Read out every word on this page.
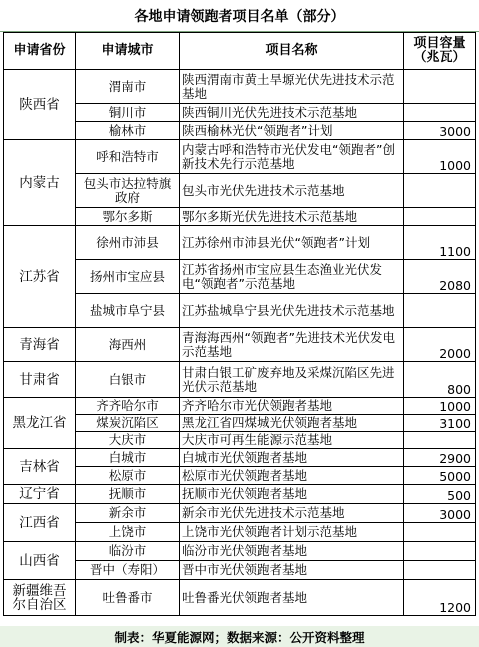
各地申请领跑者项目名单（部分）
申请省份	申请城市	项目名称	项目容量（兆瓦）
陕西省	渭南市	陕西渭南市黄土旱塬光伏先进技术示范基地	
	铜川市	陕西铜川光伏先进技术示范基地	
	榆林市	陕西榆林光伏“领跑者”计划	3000
内蒙古	呼和浩特市	内蒙古呼和浩特市光伏发电“领跑者”创新技术先行示范基地	1000
	包头市达拉特旗政府	包头市光伏先进技术示范基地	
	鄂尔多斯	鄂尔多斯光伏先进技术示范基地	
江苏省	徐州市沛县	江苏徐州市沛县光伏“领跑者”计划	1100
	扬州市宝应县	江苏省扬州市宝应县生态渔业光伏发电“领跑者”示范基地	2080
	盐城市阜宁县	江苏盐城阜宁县光伏先进技术示范基地	
青海省	海西州	青海海西州“领跑者”先进技术光伏发电示范基地	2000
甘肃省	白银市	甘肃白银工矿废弃地及采煤沉陷区先进光伏示范基地	800
黑龙江省	齐齐哈尔市	齐齐哈尔市光伏领跑者基地	1000
	煤炭沉陷区	黑龙江省四煤城光伏领跑者基地	3100
	大庆市	大庆市可再生能源示范基地	
吉林省	白城市	白城市光伏领跑者基地	2900
	松原市	松原市光伏领跑者基地	5000
辽宁省	抚顺市	抚顺市光伏领跑者基地	500
江西省	新余市	新余市光伏先进技术示范基地	3000
	上饶市	上饶市光伏领跑者计划示范基地	
山西省	临汾市	临汾市光伏领跑者基地	
	晋中（寿阳）	晋中市光伏领跑者基地	
新疆维吾尔自治区	吐鲁番市	吐鲁番光伏领跑者基地	1200
制表：华夏能源网；数据来源：公开资料整理
